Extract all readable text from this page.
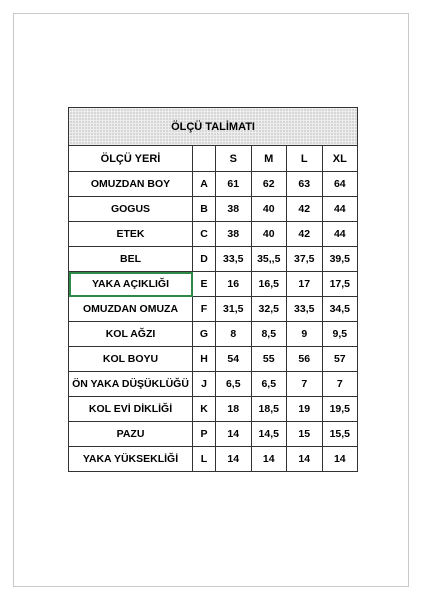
ÖLÇÜ TALİMATI					
ÖLÇÜ YERİ		S	M	L	XL
OMUZDAN BOY	A	61	62	63	64
GOGUS	B	38	40	42	44
ETEK	C	38	40	42	44
BEL	D	33,5	35,,5	37,5	39,5
YAKA AÇIKLIĞI	E	16	16,5	17	17,5
OMUZDAN OMUZA	F	31,5	32,5	33,5	34,5
KOL AĞZI	G	8	8,5	9	9,5
KOL BOYU	H	54	55	56	57
ÖN YAKA DÜŞÜKLÜĞÜ	J	6,5	6,5	7	7
KOL EVİ DİKLİĞİ	K	18	18,5	19	19,5
PAZU	P	14	14,5	15	15,5
YAKA YÜKSEKLİĞİ	L	14	14	14	14
